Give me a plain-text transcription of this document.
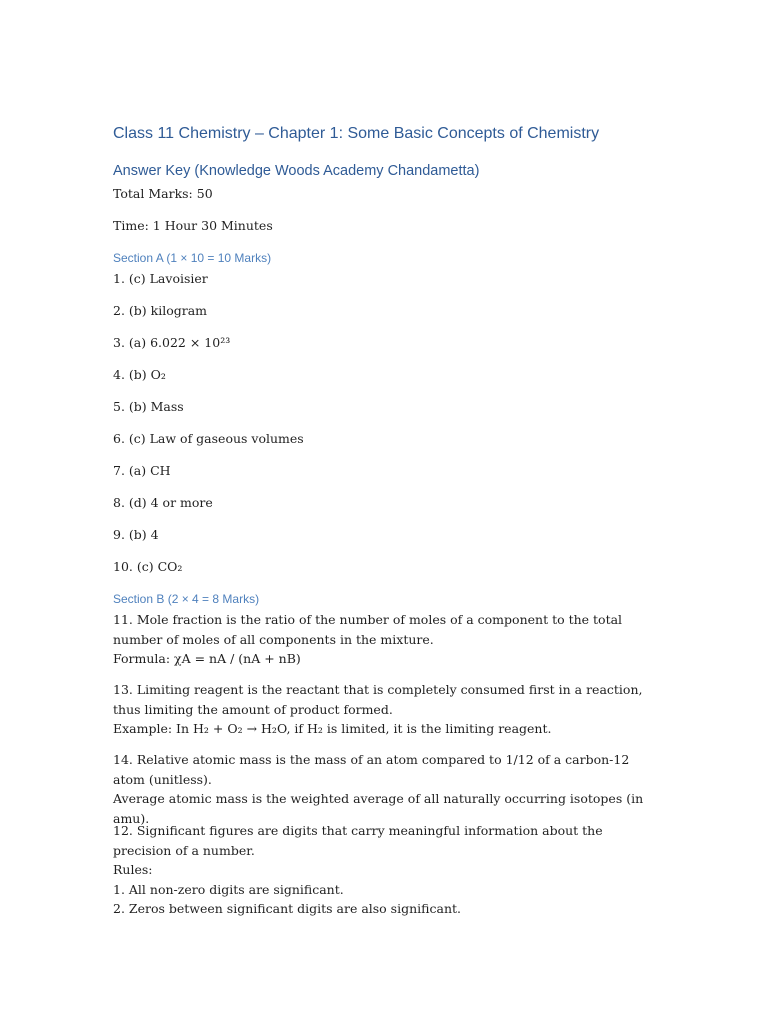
Class 11 Chemistry – Chapter 1: Some Basic Concepts of Chemistry
Answer Key (Knowledge Woods Academy Chandametta)
Total Marks: 50
Time: 1 Hour 30 Minutes
Section A (1 × 10 = 10 Marks)
1. (c) Lavoisier
2. (b) kilogram
3. (a) 6.022 × 10²³
4. (b) O₂
5. (b) Mass
6. (c) Law of gaseous volumes
7. (a) CH
8. (d) 4 or more
9. (b) 4
10. (c) CO₂
Section B (2 × 4 = 8 Marks)
11. Mole fraction is the ratio of the number of moles of a component to the total number of moles of all components in the mixture.
Formula: χA = nA / (nA + nB)
13. Limiting reagent is the reactant that is completely consumed first in a reaction, thus limiting the amount of product formed.
Example: In H₂ + O₂ → H₂O, if H₂ is limited, it is the limiting reagent.
14. Relative atomic mass is the mass of an atom compared to 1/12 of a carbon-12 atom (unitless).
Average atomic mass is the weighted average of all naturally occurring isotopes (in amu).
12. Significant figures are digits that carry meaningful information about the precision of a number.
Rules:
1. All non-zero digits are significant.
2. Zeros between significant digits are also significant.
